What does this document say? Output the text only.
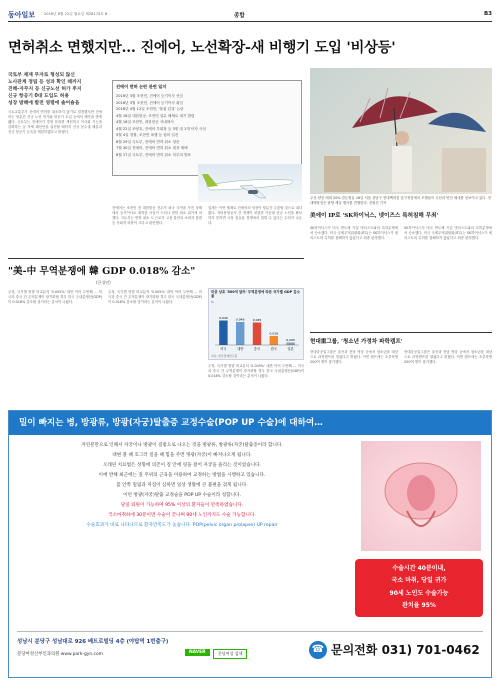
동아일보 2016년 8월 22일 월요일 제28174호 B	종합	B3
면허취소 면했지만… 진에어, 노선확장-새 비행기 도입 '비상등'
국토부 제재 무자로 형성되 않신
노사관계 정립 등 성과 확인 때까지
진해-자무지 등 신규노선 허가 후지
신규 항공기 0대 도입도 허용
성장 밤해에 발전 영렬에 솔어숌윰
진에어 면허 논란 관련 일지
2016년 3월 조현민, 진에어 등기이사 선임
2016년 3월 조현민, 진에어 등기이사 취임
2018년 4월 12일 조현민, '물컵 갑질' 논란
4월 16일 대한항공, 조현민 업무 배제로 대기 발령
4월 16일 조현민, 대한항공 사내에서
4월 22일 조양호, 진에어 부회장 등 3명 내 1개 탁자 사임
5월 4일 경찰, 조현민 폭행 등 혐의 입건
6월 29일 국토부, 진에어 면허 취소 청문
7월 30일 진에어, 진에어 면허 취소 대상 채택
8월 17일 국토부, 진에어 면허 취소 미부과 발표
국토교통부가 진에어 면허를 취소하지 않기로 결정했지만 진에어는 당분간 신규 노선 허가와 항공기 도입 등에서 제약을 받게 됐다. 국토부는 진에어가 경영 문화를 개선하고 이사회 기능을 강화하는 등 자체 쇄신안을 실천할 때까지 신규 운수권 배분과 신규 항공기 등록을 제한하겠다고 밝혔다.
진에어는 조현민 전 대한항공 전무가 외국 국적을 가진 상태에서 등기이사로 재직한 사실이 드러나 면허 취소 위기에 처했다. 국토부는 면허 취소 시 근로자 고용 불안과 소비자 불편 등 사회적 파장이 크다고 판단했다.
업계는 이번 제재로 진에어의 성장이 당분간 주춤할 것으로 내다봤다. 저비용항공사 간 경쟁이 치열한 가운데 신규 노선을 확보하지 못하면 시장 점유율 경쟁에서 밀릴 수 있다는 우려가 나온다.
우산-양산 매대 20% 밑돈원유 16일 서울 강남구 현대백화점 압구정점에서 모델들이 우산과 양산 매대를 선보이고 있다. 현대백화점은 탐방 세일 행사를 진행한다. 신원건 기자
美에이 IP로 'SK하이닉스, 넷이즈스 특허침해 무죄'
SK하이닉스가 미국 반도체 기업 넷리스트와의 특허분쟁에서 승소했다. 미국 국제무역위원회(ITC)는 SK하이닉스가 넷리스트의 특허를 침해하지 않았다고 최종 판정했다.
SK하이닉스가 미국 반도체 기업 넷리스트와의 특허분쟁에서 승소했다. 미국 국제무역위원회(ITC)는 SK하이닉스가 넷리스트의 특허를 침해하지 않았다고 최종 판정했다.
"美-中 무역분쟁에 韓 GDP 0.018% 감소"
(한경연)
우정, 국가별 영향 비교분석 '0.005%' 대만 이어 두번째 ... 미국과 중국 간 무역분쟁이 장기화할 경우 한국 국내총생산(GDP)이 0.018% 감소할 것이라는 분석이 나왔다.
우정, 국가별 영향 비교분석 '0.005%' 대만 이어 두번째 ... 미국과 중국 간 무역분쟁이 장기화할 경우 한국 국내총생산(GDP)이 0.018% 감소할 것이라는 분석이 나왔다.
미중 상호 '500억 달러' 무역분쟁에 따른 국가별 GDP 감소율
%
0.049
미국
0.046
대만
0.045
중국
0.018
한국
0.005
일본
자료: 한국경제연구원
우정, 국가별 영향 비교분석 '0.005%' 대만 이어 두번째 ... 미국과 중국 간 무역분쟁이 장기화할 경우 한국 국내총생산(GDP)이 0.018% 감소할 것이라는 분석이 나왔다.
현대重그룹, '청소년 가정차 파학캠프'
현대중공업그룹은 울산과 전남 영암 등에서 청소년을 대상으로 과학캠프를 열었다고 밝혔다. 이번 캠프에는 초중학생 200여 명이 참가했다.
현대중공업그룹은 울산과 전남 영암 등에서 청소년을 대상으로 과학캠프를 열었다고 밝혔다. 이번 캠프에는 초중학생 200여 명이 참가했다.
밀이 빠지는 병, 방광류, 방광(자궁)탈출증 교정수술(POP UP 수술)에 대하여…
자연분만으로 인해서 자궁이나 방광이 질밖으로 나오는 것을 방광류, 방광류(자궁)탈출증이라 합니다.
대변 볼 때 호그러 질을 때 힘을 주면 빙광(자궁)이 빠져나오게 됩니다.
오래된 치료법은 성형에 의존이 질 안에 링을 걸어 자궁을 올리는 것이었습니다.
이에 반해 최근에는 질 주위의 근육을 이용하여 교정하는 방법을 시행하고 있습니다.
몸 안쪽 밀림과 처짐이 심하면 일상 생활에 큰 불편을 겪게 됩니다.
이런 방광(자궁)탈출 교정술을 POP UP 수술이라 칭합니다.
당일 퇴원이 가능하며 95% 이상의 환자들이 만족하였습니다.
국소마취하에 30분이면 수술이 끝나며 90세 노인까지도 수술 가능합니다.
수술효과가 바로 나타나므로 환자만족도가 높습니다. POP(pelvic organ prolapse) UP repair
수술시간 40분이내,
국소 마취, 당일 귀가
90세 노인도 수술가능
완치율 95%
성남시 분당구 성남대로 926 베트로빌딩 4층 (야탑역 1번출구)
분당여성산부인과의원 www.park-gyn.com	NAVER	분당여성 검색	☎ 문의전화 031) 701-0462
